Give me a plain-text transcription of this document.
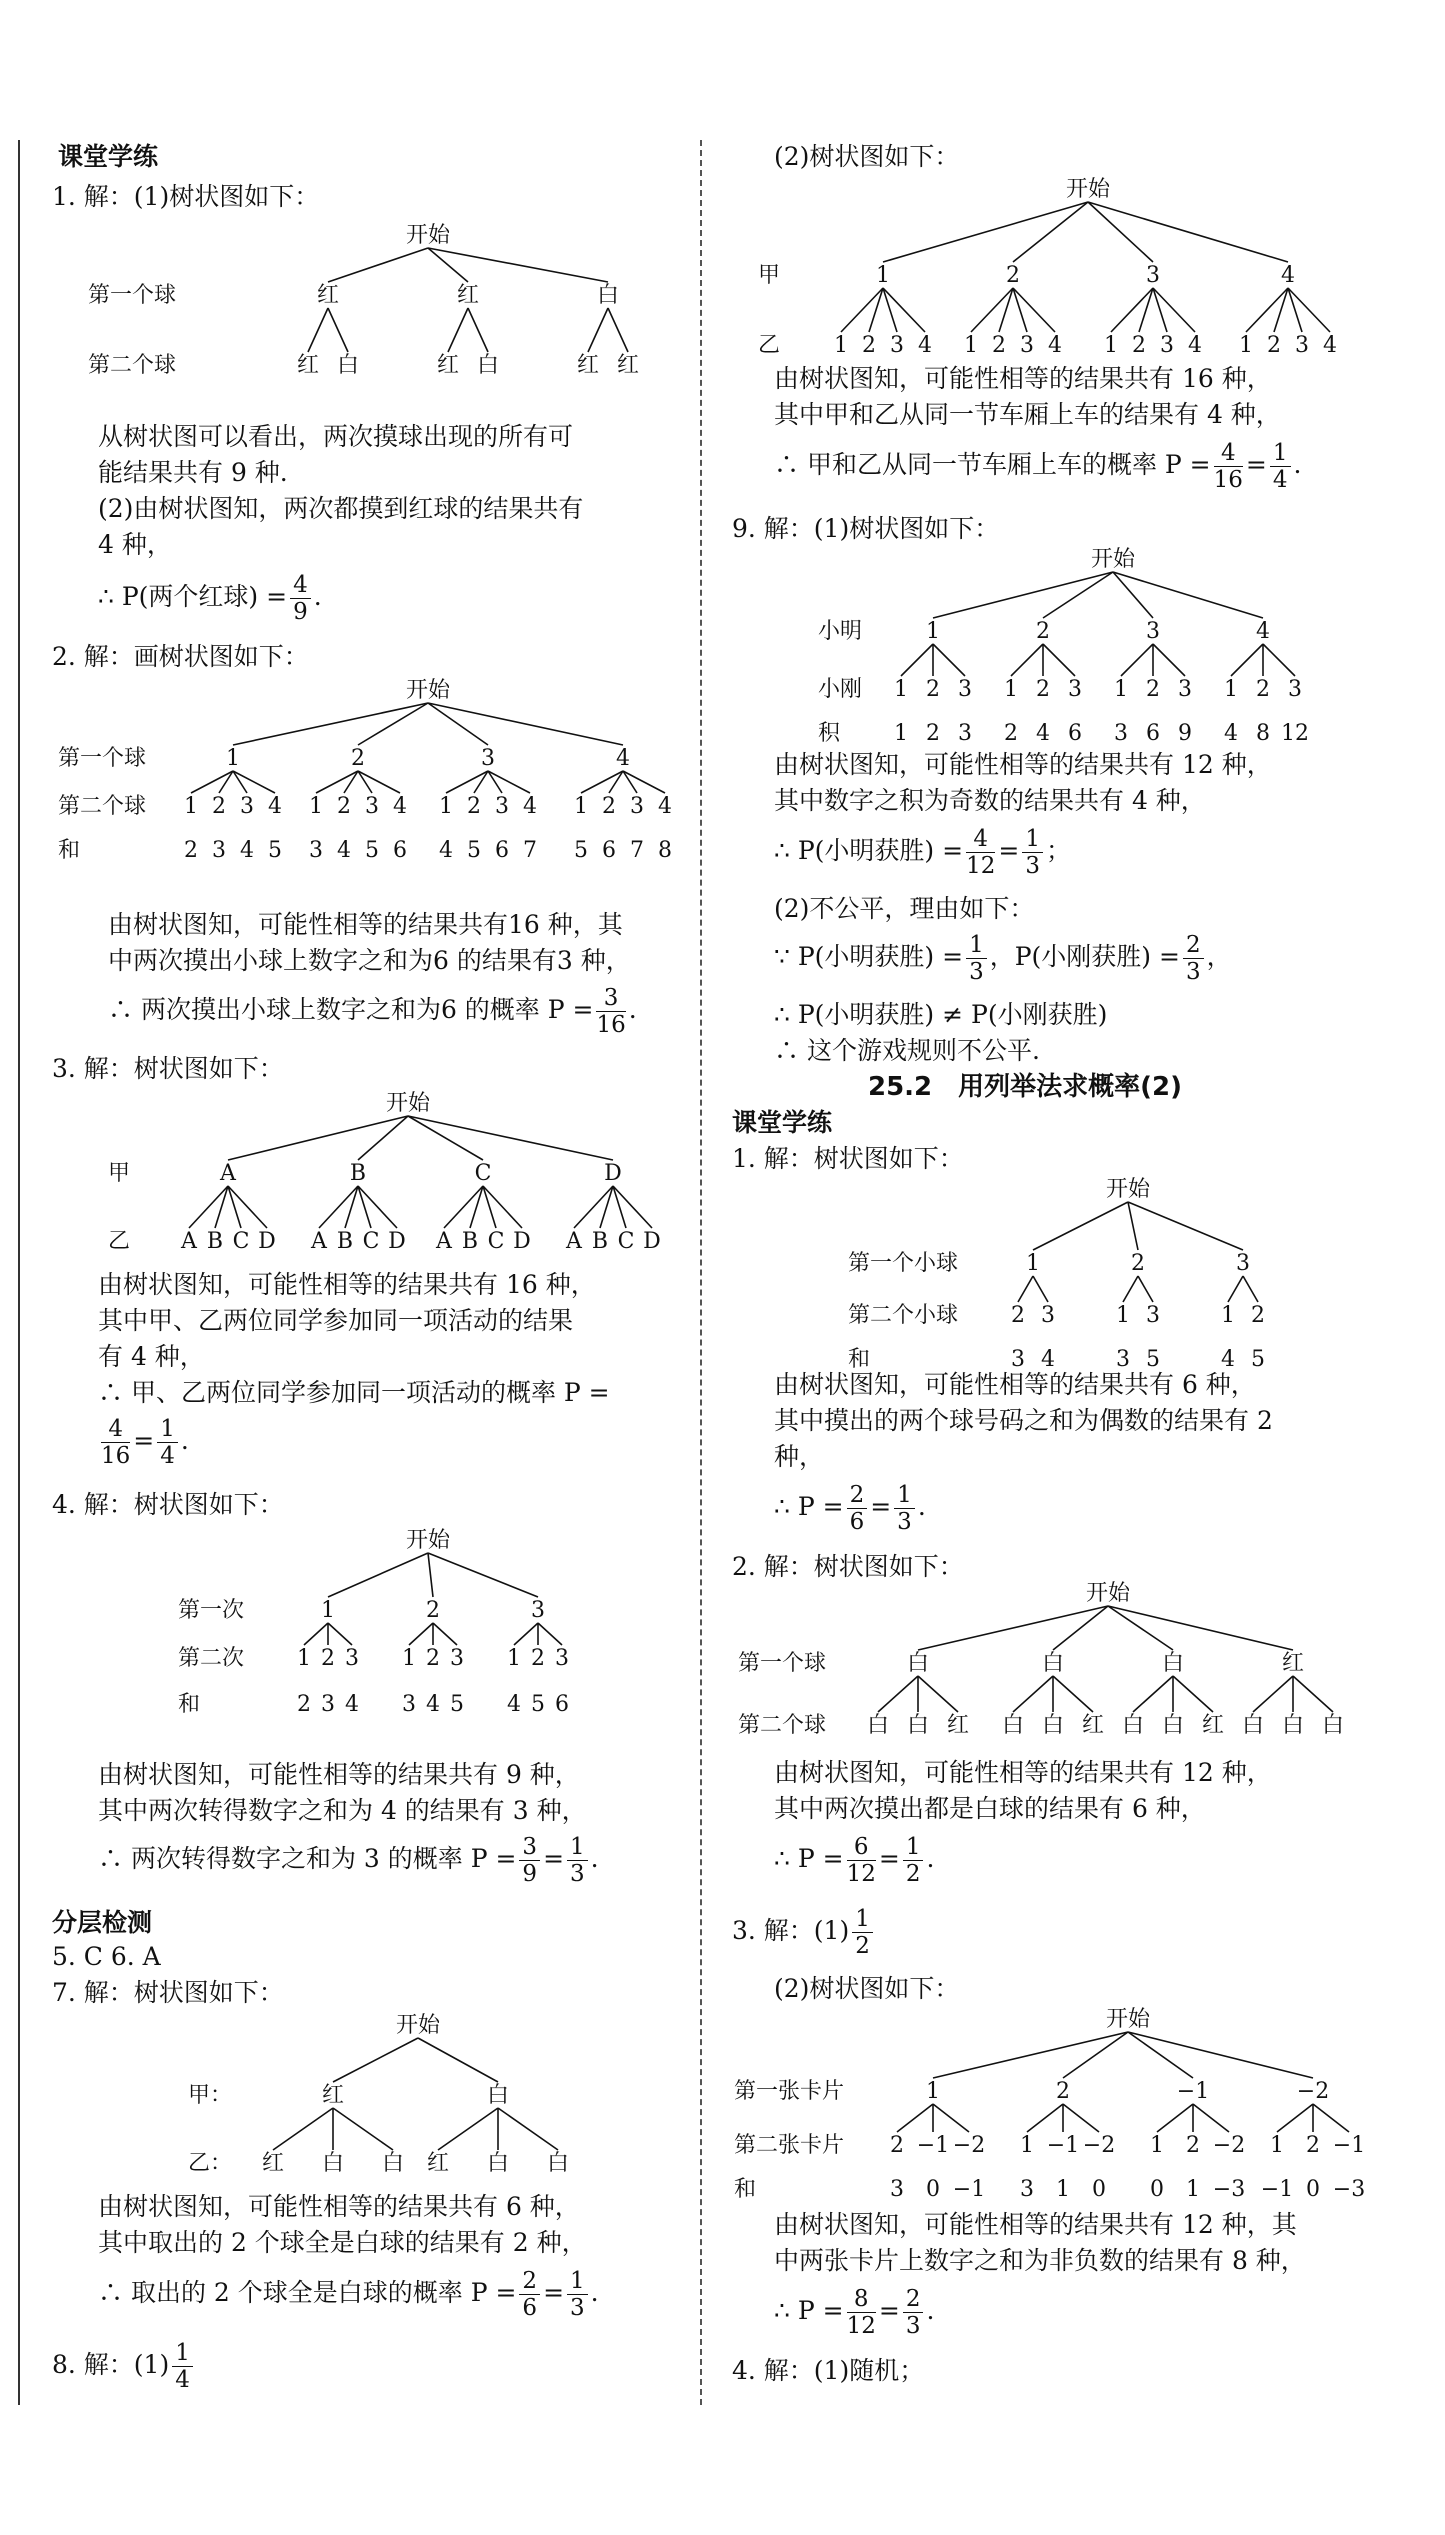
课堂学练
1. 解：(1)树状图如下：
开始
第一个球
第二个球
红	红	白
红 白	红 白	红 红
从树状图可以看出，两次摸球出现的所有可
能结果共有 9 种.
(2)由树状图知，两次都摸到红球的结果共有
4 种，
∴ P(两个红球) = $\frac{4}{9}$ .
2. 解：画树状图如下：
开始
第一个球
第二个球
和
1	2	3	4
1
2
2
3
3
4
4
5
1
3
2
4
3
5
4
6
1
4
2
5
3
6
4
7
1
5
2
6
3
7
4
8
由树状图知，可能性相等的结果共有16 种，其
中两次摸出小球上数字之和为6 的结果有3 种，
∴ 两次摸出小球上数字之和为6 的概率 $P = \frac{3}{16}$ .
3. 解：树状图如下：
开始
甲
乙
A	B	C	D
A B C D A B C D A B C D A B C D
由树状图知，可能性相等的结果共有 16 种，
其中甲、乙两位同学参加同一项活动的结果
有 4 种，
∴ 甲、乙两位同学参加同一项活动的概率 P =
$\frac{4}{16} = \frac{1}{4}$ .
4. 解：树状图如下：
开始
第一次
第二次
和
1	2	3
1
2
2
3
3
4
1
3
2
4
3
5
1
4
2
5
3
6
由树状图知，可能性相等的结果共有 9 种，
其中两次转得数字之和为 4 的结果有 3 种，
∴ 两次转得数字之和为 3 的概率 $P = \frac{3}{9} = \frac{1}{3}$ .
分层检测
5. C 6. A
7. 解：树状图如下：
开始
甲：
乙：
红	白
红 白 白 红 白 白
由树状图知，可能性相等的结果共有 6 种，
其中取出的 2 个球全是白球的结果有 2 种，
∴ 取出的 2 个球全是白球的概率 $P = \frac{2}{6} = \frac{1}{3}$ .
8. 解：$(1) \frac{1}{4}$
(2)树状图如下：
开始
甲
乙
1	2	3	4
1 2 3 4 1 2 3 4 1 2 3 4 1 2 3 4
由树状图知，可能性相等的结果共有 16 种，
其中甲和乙从同一节车厢上车的结果有 4 种，
∴ 甲和乙从同一节车厢上车的概率 $P = \frac{4}{16} = \frac{1}{4}$ .
9. 解：(1)树状图如下：
开始
小明
小刚
积
1	2	3	4
1
1
2
2
3
3
1
2
2
4
3
6
1
3
2
6
3
9
1
4
2
8
3
12
由树状图知，可能性相等的结果共有 12 种，
其中数字之积为奇数的结果共有 4 种，
∴ P(小明获胜) = $\frac{4}{12} = \frac{1}{3}$ ；
(2)不公平，理由如下：
∵ P(小明获胜) = $\frac{1}{3}$ ，P(小刚获胜) = $\frac{2}{3}$ ，
∴ P(小明获胜) ≠ P(小刚获胜)
∴ 这个游戏规则不公平.
25.2　用列举法求概率(2)
课堂学练
1. 解：树状图如下：
开始
第一个小球
第二个小球
和
1	2	3
2
3
3
4
1
3
3
5
1
4
2
5
由树状图知，可能性相等的结果共有 6 种，
其中摸出的两个球号码之和为偶数的结果有 2
种，
∴ $P = \frac{2}{6} = \frac{1}{3}$ .
2. 解：树状图如下：
开始
第一个球
第二个球
白	白	白	红
白 白 红 白 白 红 白 白 红 白 白 白
由树状图知，可能性相等的结果共有 12 种，
其中两次摸出都是白球的结果有 6 种，
∴ $P = \frac{6}{12} = \frac{1}{2}$ .
3. 解：$(1) \frac{1}{2}$
(2)树状图如下：
开始
第一张卡片
第二张卡片
和
1	2	−1	−2
2
3
−1
0
−2
−1
1
3
−1
1
−2
0
1
0
2
1
−2
−3
1
−1
2
0
−1
−3
由树状图知，可能性相等的结果共有 12 种，其
中两张卡片上数字之和为非负数的结果有 8 种，
∴ $P = \frac{8}{12} = \frac{2}{3}$ .
4. 解：(1)随机；
